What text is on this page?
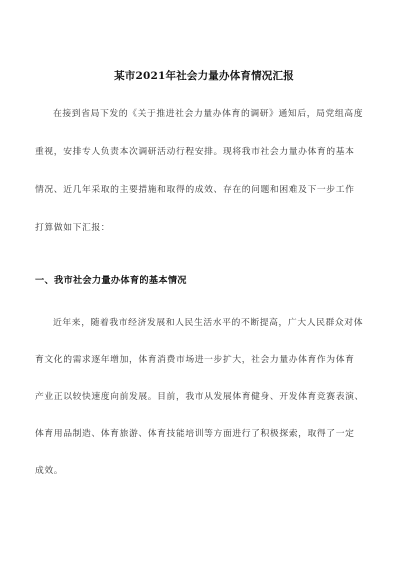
某市2021年社会力量办体育情况汇报
在接到省局下发的《关于推进社会力量办体育的调研》通知后，局党组高度
重视，安排专人负责本次调研活动行程安排。现将我市社会力量办体育的基本
情况、近几年采取的主要措施和取得的成效、存在的问题和困难及下一步工作
打算做如下汇报：
一、我市社会力量办体育的基本情况
近年来，随着我市经济发展和人民生活水平的不断提高，广大人民群众对体
育文化的需求逐年增加，体育消费市场进一步扩大，社会力量办体育作为体育
产业正以较快速度向前发展。目前，我市从发展体育健身、开发体育竞赛表演、
体育用品制造、体育旅游、体育技能培训等方面进行了积极探索，取得了一定
成效。
